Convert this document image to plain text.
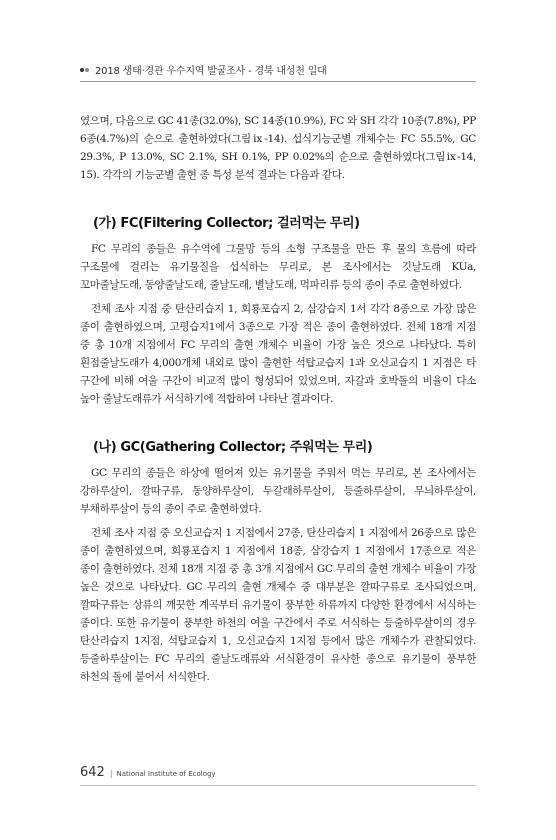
2018 생태·경관 우수지역 발굴조사 - 경북 내성천 일대

였으며, 다음으로 GC 41종(32.0%), SC 14종(10.9%), FC 와 SH 각각 10종(7.8%), PP 6종(4.7%)의 순으로 출현하였다(그림ⅸ-14). 섭식기능군별 개체수는 FC 55.5%, GC 29.3%, P 13.0%, SC 2.1%, SH 0.1%, PP 0.02%의 순으로 출현하였다(그림ⅸ-14, 15). 각각의 기능군별 출현 종 특성 분석 결과는 다음과 같다.

(가) FC(Filtering Collector; 걸러먹는 무리)

FC 무리의 종들은 유수역에 그물망 등의 소형 구조물을 만든 후 물의 흐름에 따라 구조물에 걸리는 유기물질을 섭식하는 무리로, 본 조사에서는 깃날도래 KUa, 꼬마줄날도래, 동양줄날도래, 줄날도래, 별날도래, 먹파리류 등의 종이 주로 출현하였다.

전체 조사 지점 중 탄산리습지 1, 회룡포습지 2, 삼강습지 1서 각각 8종으로 가장 많은 종이 출현하였으며, 고평습지1에서 3종으로 가장 적은 종이 출현하였다. 전체 18개 지점 중 총 10개 지점에서 FC 무리의 출현 개체수 비율이 가장 높은 것으로 나타났다. 특히 흰점줄날도래가 4,000개체 내외로 많이 출현한 석탑교습지 1과 오신교습지 1 지점은 타 구간에 비해 여울 구간이 비교적 많이 형성되어 있었으며, 자갈과 호박돌의 비율이 다소 높아 줄날도래류가 서식하기에 적합하여 나타난 결과이다.

(나) GC(Gathering Collector; 주워먹는 무리)

GC 무리의 종들은 하상에 떨어져 있는 유기물을 주워서 먹는 무리로, 본 조사에서는 강하루살이, 깔따구류, 동양하루살이, 두갈래하루살이, 등줄하루살이, 무늬하루살이, 부채하루살이 등의 종이 주로 출현하였다.

전체 조사 지점 중 오신교습지 1 지점에서 27종, 탄산리습지 1 지점에서 26종으로 많은 종이 출현하였으며, 회룡포습지 1 지점에서 18종, 삼강습지 1 지점에서 17종으로 적은 종이 출현하였다. 전체 18개 지점 중 총 3개 지점에서 GC 무리의 출현 개체수 비율이 가장 높은 것으로 나타났다. GC 무리의 출현 개체수 중 대부분은 깔따구류로 조사되었으며, 깔따구류는 상류의 깨끗한 계곡부터 유기물이 풍부한 하류까지 다양한 환경에서 서식하는 종이다. 또한 유기물이 풍부한 하천의 여울 구간에서 주로 서식하는 등줄하루살이의 경우 탄산리습지 1지점, 석탑교습지 1, 오신교습지 1지점 등에서 많은 개체수가 관찰되었다. 등줄하루살이는 FC 무리의 줄날도래류와 서식환경이 유사한 종으로 유기물이 풍부한 하천의 돌에 붙어서 서식한다.

642 | National Institute of Ecology
